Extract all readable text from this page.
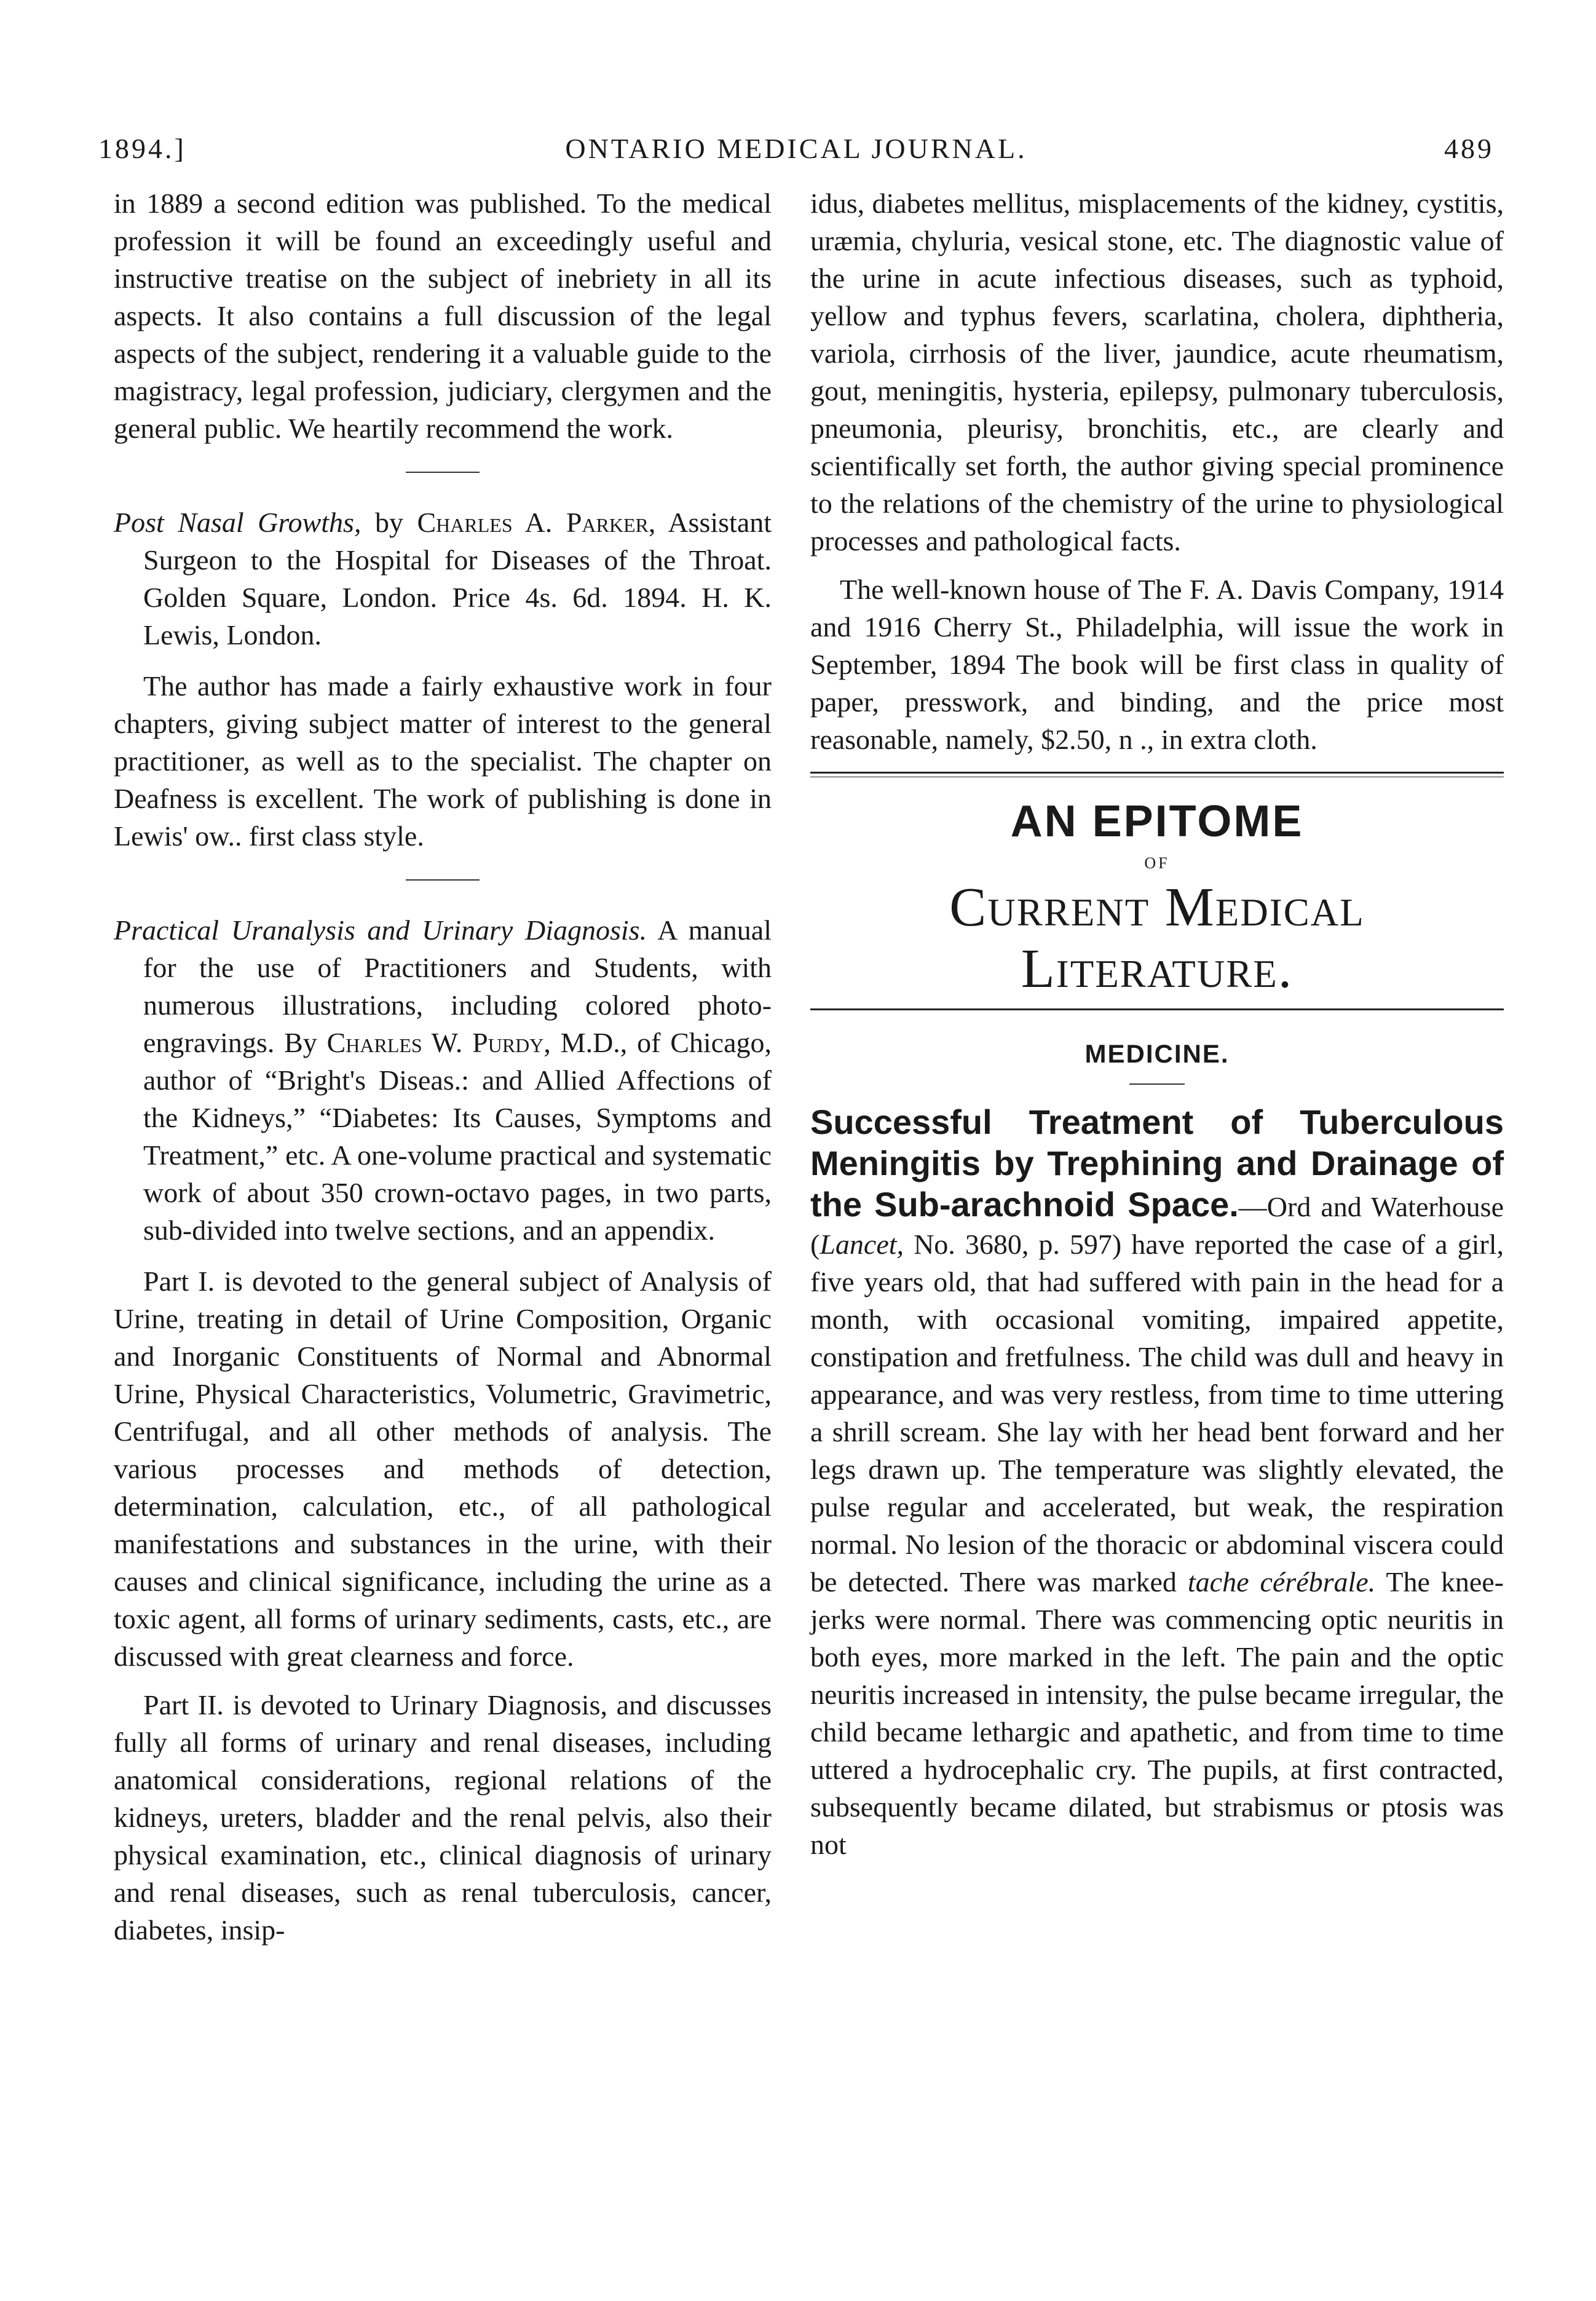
1894.]	ONTARIO MEDICAL JOURNAL.	489

in 1889 a second edition was published. To the medical profession it will be found an exceedingly useful and instructive treatise on the subject of inebriety in all its aspects. It also contains a full discussion of the legal aspects of the subject, rendering it a valuable guide to the magistracy, legal profession, judiciary, clergymen and the general public. We heartily recommend the work.

Post Nasal Growths, by Charles A. Parker, Assistant Surgeon to the Hospital for Diseases of the Throat. Golden Square, London. Price 4s. 6d. 1894. H. K. Lewis, London.

The author has made a fairly exhaustive work in four chapters, giving subject matter of interest to the general practitioner, as well as to the specialist. The chapter on Deafness is excellent. The work of publishing is done in Lewis' ow.. first class style.

Practical Uranalysis and Urinary Diagnosis. A manual for the use of Practitioners and Students, with numerous illustrations, including colored photo-engravings. By Charles W. Purdy, M.D., of Chicago, author of “Bright's Diseas.: and Allied Affections of the Kidneys,” “Diabetes: Its Causes, Symptoms and Treatment,” etc. A one-volume practical and systematic work of about 350 crown-octavo pages, in two parts, sub-divided into twelve sections, and an appendix.

Part I. is devoted to the general subject of Analysis of Urine, treating in detail of Urine Composition, Organic and Inorganic Constituents of Normal and Abnormal Urine, Physical Characteristics, Volumetric, Gravimetric, Centrifugal, and all other methods of analysis. The various processes and methods of detection, determination, calculation, etc., of all pathological manifestations and substances in the urine, with their causes and clinical significance, including the urine as a toxic agent, all forms of urinary sediments, casts, etc., are discussed with great clearness and force.

Part II. is devoted to Urinary Diagnosis, and discusses fully all forms of urinary and renal diseases, including anatomical considerations, regional relations of the kidneys, ureters, bladder and the renal pelvis, also their physical examination, etc., clinical diagnosis of urinary and renal diseases, such as renal tuberculosis, cancer, diabetes, insip-

idus, diabetes mellitus, misplacements of the kidney, cystitis, uræmia, chyluria, vesical stone, etc. The diagnostic value of the urine in acute infectious diseases, such as typhoid, yellow and typhus fevers, scarlatina, cholera, diphtheria, variola, cirrhosis of the liver, jaundice, acute rheumatism, gout, meningitis, hysteria, epilepsy, pulmonary tuberculosis, pneumonia, pleurisy, bronchitis, etc., are clearly and scientifically set forth, the author giving special prominence to the relations of the chemistry of the urine to physiological processes and pathological facts.

The well-known house of The F. A. Davis Company, 1914 and 1916 Cherry St., Philadelphia, will issue the work in September, 1894 The book will be first class in quality of paper, presswork, and binding, and the price most reasonable, namely, $2.50, n ., in extra cloth.

AN EPITOME
OF
Current Medical Literature.
MEDICINE.

Successful Treatment of Tuberculous Meningitis by Trephining and Drainage of the Sub-arachnoid Space.—Ord and Waterhouse (Lancet, No. 3680, p. 597) have reported the case of a girl, five years old, that had suffered with pain in the head for a month, with occasional vomiting, impaired appetite, constipation and fretfulness. The child was dull and heavy in appearance, and was very restless, from time to time uttering a shrill scream. She lay with her head bent forward and her legs drawn up. The temperature was slightly elevated, the pulse regular and accelerated, but weak, the respiration normal. No lesion of the thoracic or abdominal viscera could be detected. There was marked tache cérébrale. The knee-jerks were normal. There was commencing optic neuritis in both eyes, more marked in the left. The pain and the optic neuritis increased in intensity, the pulse became irregular, the child became lethargic and apathetic, and from time to time uttered a hydrocephalic cry. The pupils, at first contracted, subsequently became dilated, but strabismus or ptosis was not
